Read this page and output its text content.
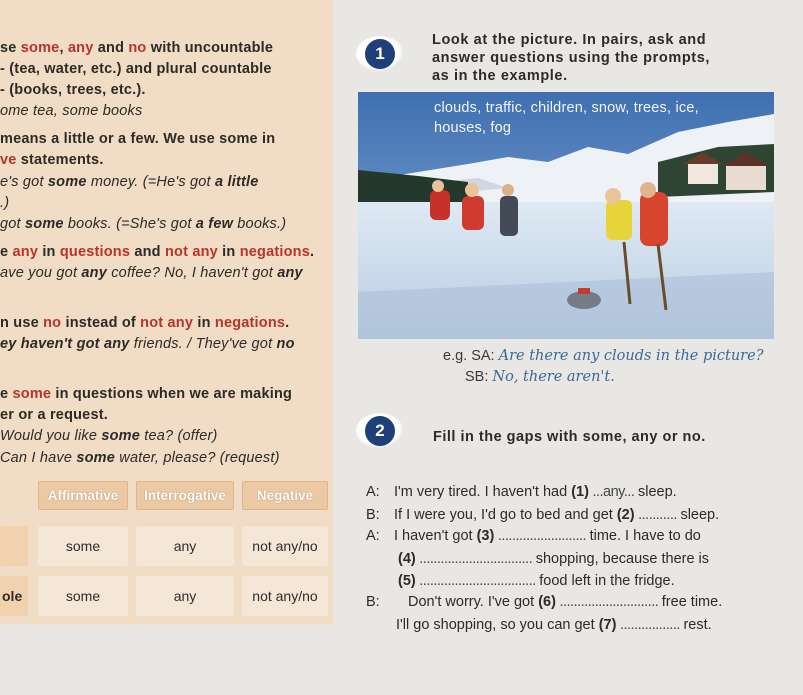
se some, any and no with uncountable
- (tea, water, etc.) and plural countable
- (books, trees, etc.).
ome tea, some books
means a little or a few. We use some in
ve statements.
e's got some money. (=He's got a little
.)
got some books. (=She's got a few books.)
e any in questions and not any in negations.
ave you got any coffee? No, I haven't got any
n use no instead of not any in negations.
ey haven't got any friends. / They've got no
e some in questions when we are making
er or a request.
Would you like some tea? (offer)
Can I have some water, please? (request)
Affirmative	Interrogative	Negative
some	any	not any/no
ole	some	any	not any/no
1
Look at the picture. In pairs, ask and
answer questions using the prompts,
as in the example.
clouds, traffic, children, snow, trees, ice, houses, fog
e.g. SA: Are there any clouds in the picture?
SB: No, there aren't.
2	Fill in the gaps with some, any or no.
A: I'm very tired. I haven't had (1) ...any... sleep.
B: If I were you, I'd go to bed and get (2) ........... sleep.
A: I haven't got (3) ......................... time. I have to do
(4) ................................ shopping, because there is
(5) ................................. food left in the fridge.
B: Don't worry. I've got (6) ............................ free time.
I'll go shopping, so you can get (7) ................. rest.
